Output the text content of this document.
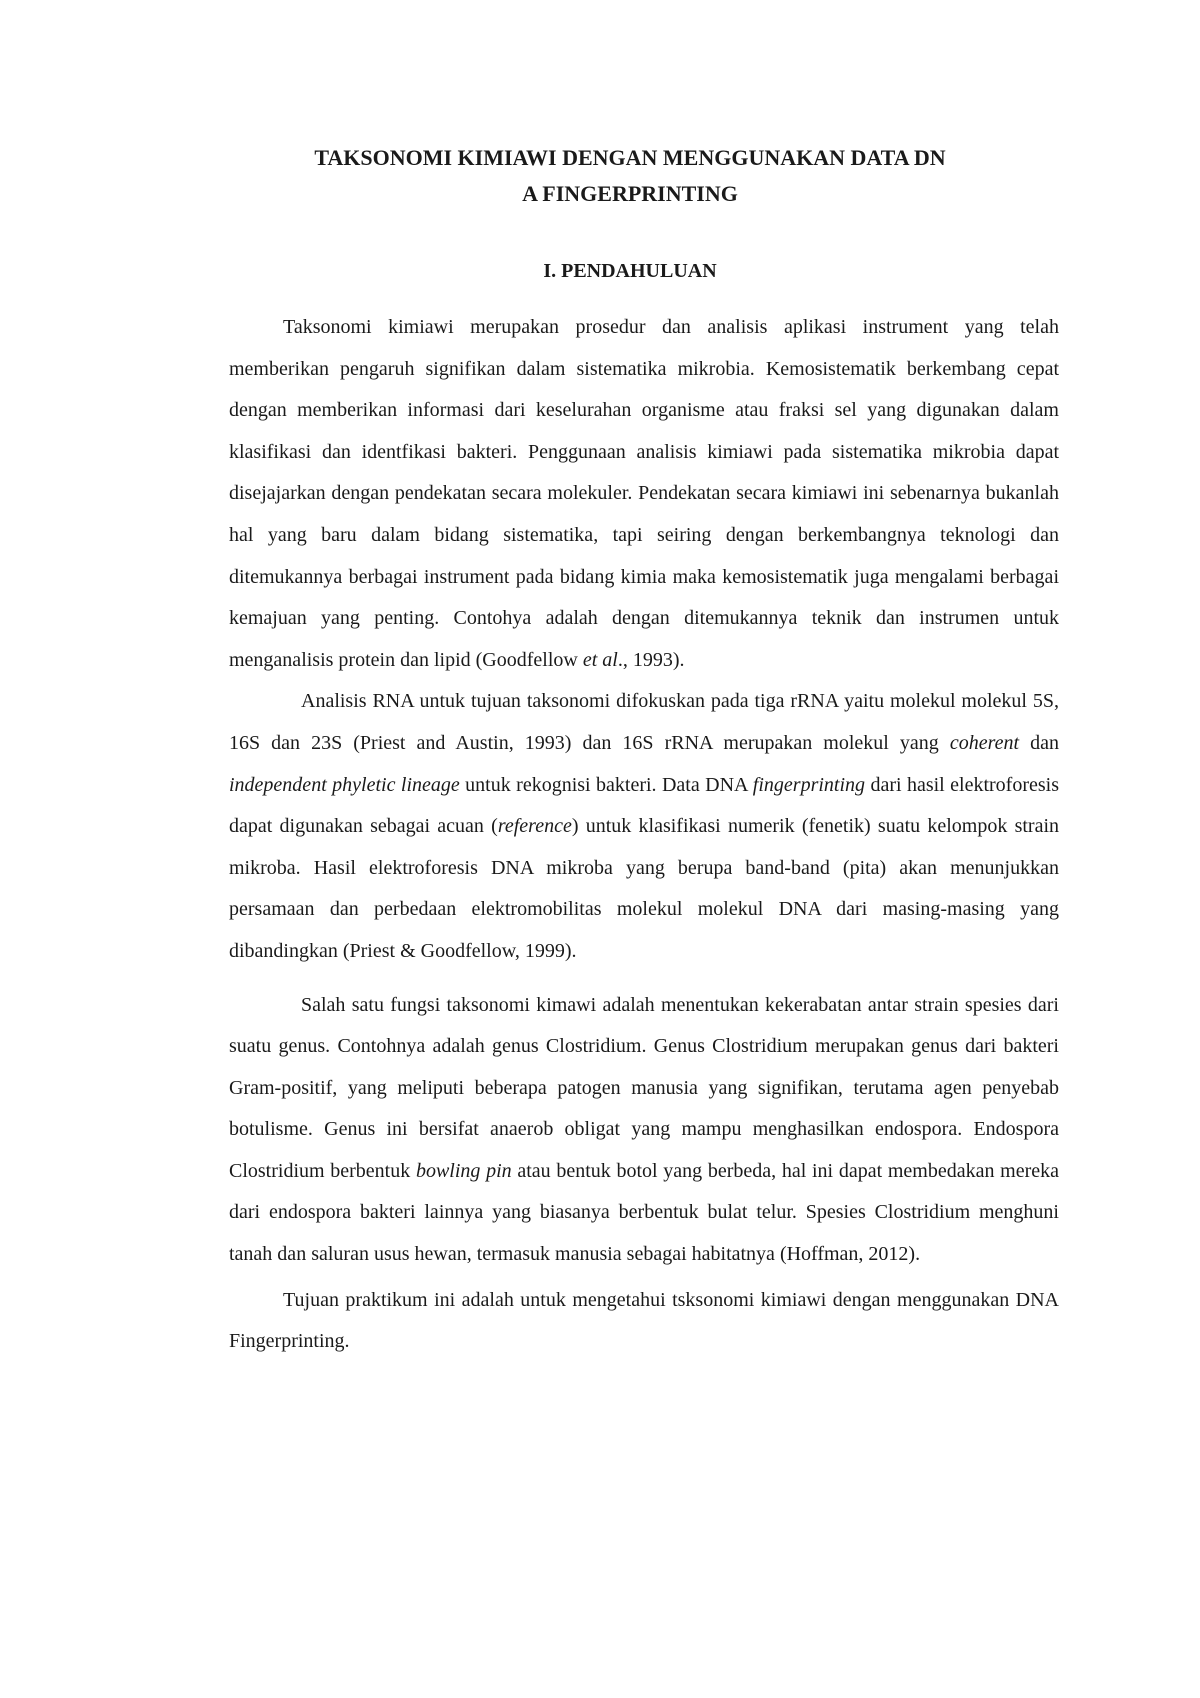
TAKSONOMI KIMIAWI DENGAN MENGGUNAKAN DATA DN
A FINGERPRINTING
I. PENDAHULUAN

Taksonomi kimiawi merupakan prosedur dan analisis aplikasi instrument yang telah memberikan pengaruh signifikan dalam sistematika mikrobia. Kemosistematik berkembang cepat dengan memberikan informasi dari keselurahan organisme atau fraksi sel yang digunakan dalam klasifikasi dan identfikasi bakteri. Penggunaan analisis kimiawi pada sistematika mikrobia dapat disejajarkan dengan pendekatan secara molekuler. Pendekatan secara kimiawi ini sebenarnya bukanlah hal yang baru dalam bidang sistematika, tapi seiring dengan berkembangnya teknologi dan ditemukannya berbagai instrument pada bidang kimia maka kemosistematik juga mengalami berbagai kemajuan yang penting. Contohya adalah dengan ditemukannya teknik dan instrumen untuk menganalisis protein dan lipid (Goodfellow et al., 1993).

Analisis RNA untuk tujuan taksonomi difokuskan pada tiga rRNA yaitu molekul molekul 5S, 16S dan 23S (Priest and Austin, 1993) dan 16S rRNA merupakan molekul yang coherent dan independent phyletic lineage untuk rekognisi bakteri. Data DNA fingerprinting dari hasil elektroforesis dapat digunakan sebagai acuan (reference) untuk klasifikasi numerik (fenetik) suatu kelompok strain mikroba. Hasil elektroforesis DNA mikroba yang berupa band-band (pita) akan menunjukkan persamaan dan perbedaan elektromobilitas molekul molekul DNA dari masing-masing yang dibandingkan (Priest & Goodfellow, 1999).

Salah satu fungsi taksonomi kimawi adalah menentukan kekerabatan antar strain spesies dari suatu genus. Contohnya adalah genus Clostridium. Genus Clostridium merupakan genus dari bakteri Gram-positif, yang meliputi beberapa patogen manusia yang signifikan, terutama agen penyebab botulisme. Genus ini bersifat anaerob obligat yang mampu menghasilkan endospora. Endospora Clostridium berbentuk bowling pin atau bentuk botol yang berbeda, hal ini dapat membedakan mereka dari endospora bakteri lainnya yang biasanya berbentuk bulat telur. Spesies Clostridium menghuni tanah dan saluran usus hewan, termasuk manusia sebagai habitatnya (Hoffman, 2012).

Tujuan praktikum ini adalah untuk mengetahui tsksonomi kimiawi dengan menggunakan DNA Fingerprinting.
